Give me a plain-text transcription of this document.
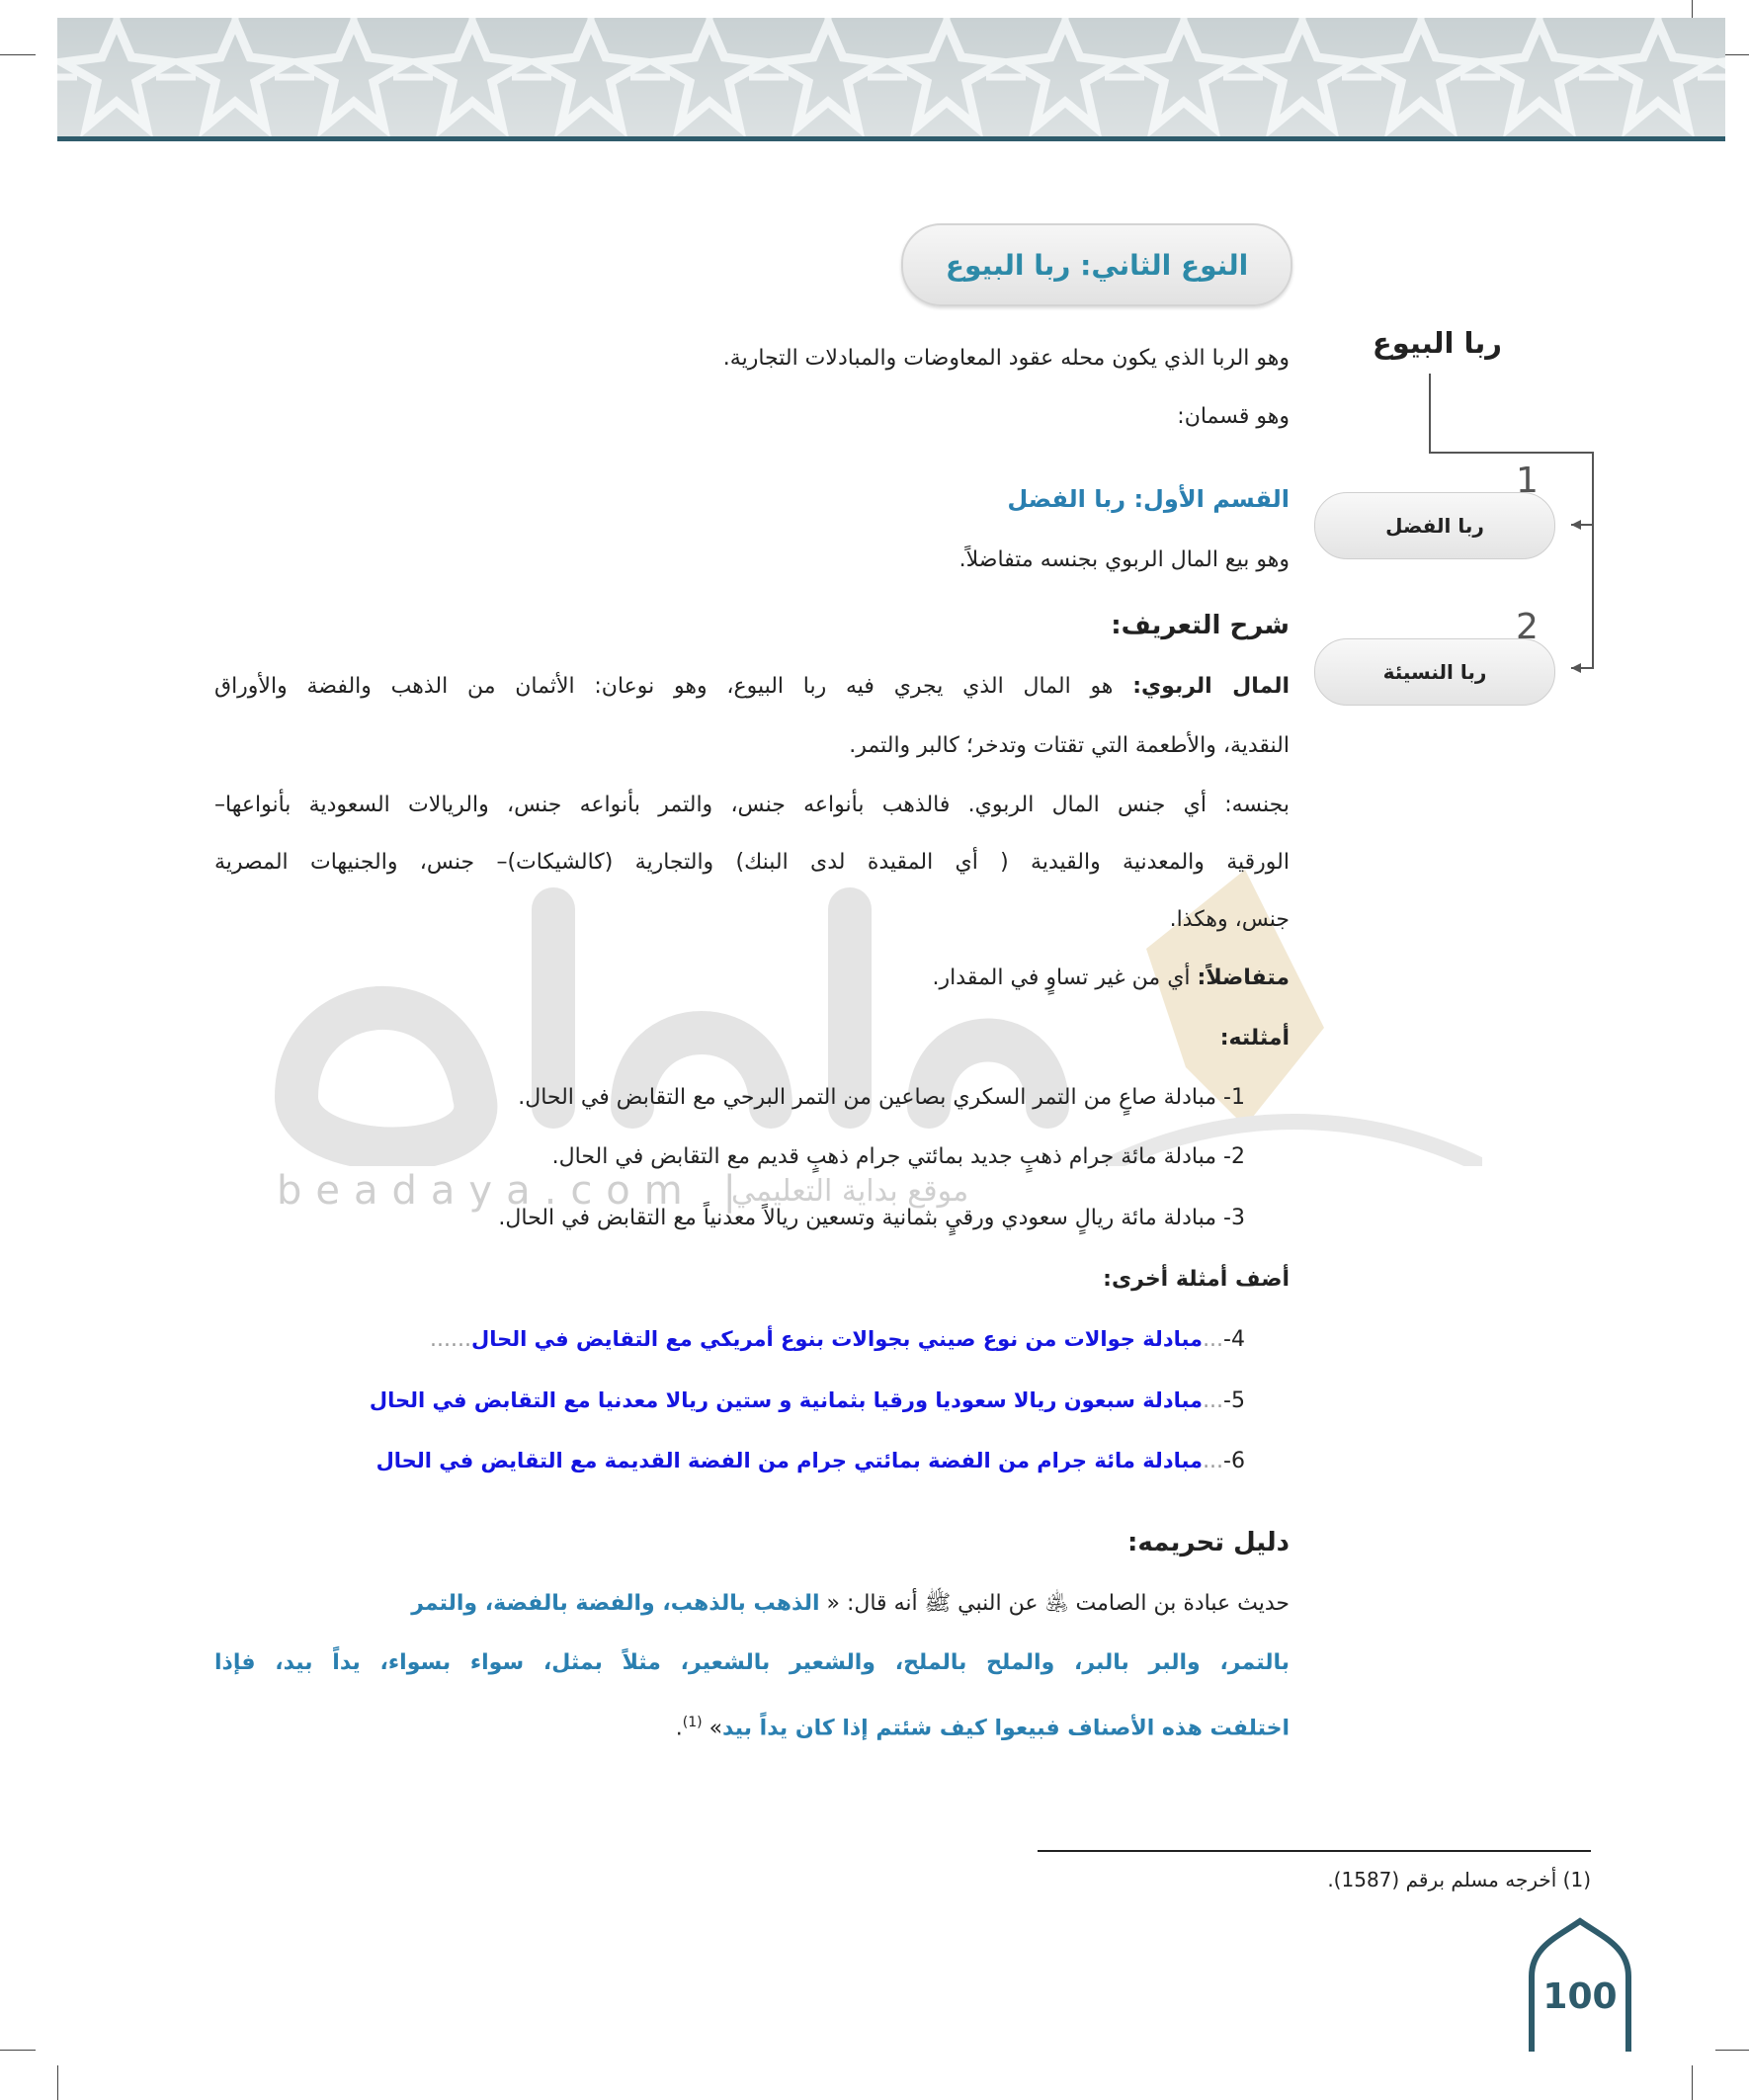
beadaya.com |
موقع بداية التعليمي
النوع الثاني: ربا البيوع
ربا البيوع
ربا الفضل
1
ربا النسيئة
2
وهو الربا الذي يكون محله عقود المعاوضات والمبادلات التجارية.
وهو قسمان:
القسم الأول: ربا الفضل
وهو بيع المال الربوي بجنسه متفاضلاً.
شرح التعريف:
المال الربوي: هو المال الذي يجري فيه ربا البيوع، وهو نوعان: الأثمان من الذهب والفضة والأوراق
النقدية، والأطعمة التي تقتات وتدخر؛ كالبر والتمر.
بجنسه: أي جنس المال الربوي. فالذهب بأنواعه جنس، والتمر بأنواعه جنس، والريالات السعودية بأنواعها–
الورقية والمعدنية والقيدية ( أي المقيدة لدى البنك) والتجارية (كالشيكات)– جنس، والجنيهات المصرية
جنس، وهكذا.
متفاضلاً: أي من غير تساوٍ في المقدار.
أمثلته:
1- مبادلة صاعٍ من التمر السكري بصاعين من التمر البرحي مع التقابض في الحال.
2- مبادلة مائة جرام ذهبٍ جديد بمائتي جرام ذهبٍ قديم مع التقابض في الحال.
3- مبادلة مائة ريالٍ سعودي ورقيٍ بثمانية وتسعين ريالاً معدنياً مع التقابض في الحال.
أضف أمثلة أخرى:
4-...مبادلة جوالات من نوع صيني بجوالات بنوع أمريكي مع التقايض في الحال......
5-...مبادلة سبعون ريالا سعوديا ورقيا بثمانية و ستين ريالا معدنيا مع التقابض في الحال
6-...مبادلة مائة جرام من الفضة بمائتي جرام من الفضة القديمة مع التقايض في الحال
دليل تحريمه:
حديث عبادة بن الصامت ﵁ عن النبي ﷺ أنه قال: « الذهب بالذهب، والفضة بالفضة، والتمر
بالتمر، والبر بالبر، والملح بالملح، والشعير بالشعير، مثلاً بمثل، سواء بسواء، يداً بيد، فإذا
اختلفت هذه الأصناف فبيعوا كيف شئتم إذا كان يداً بيد» $^{(1)}$.
(1) أخرجه مسلم برقم (1587).
100
